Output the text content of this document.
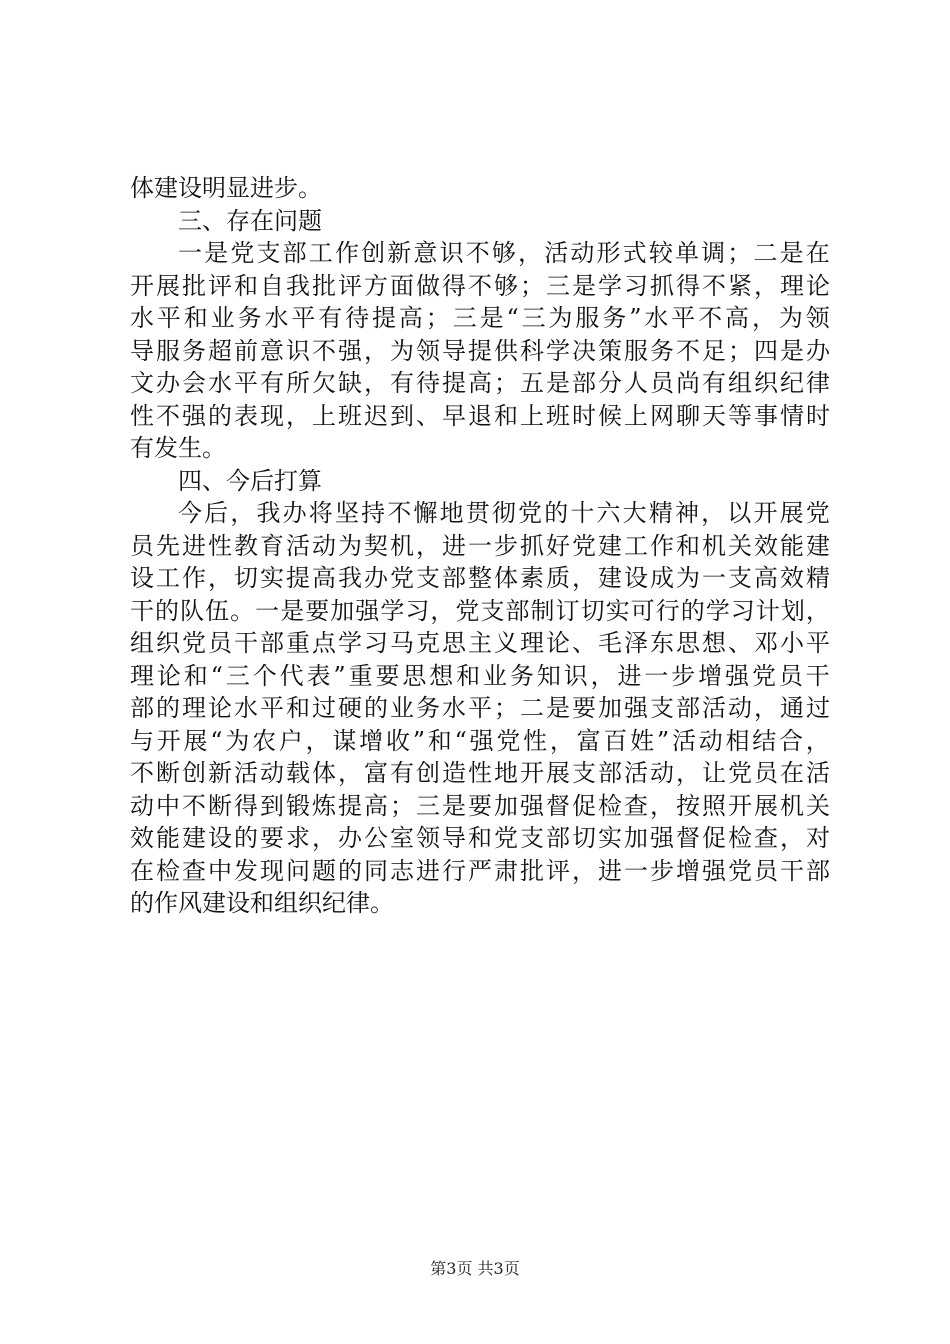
体建设明显进步。
三、存在问题
一 是 党 支 部 工 作 创 新 意 识 不 够 ， 活 动 形 式 较 单 调 ； 二 是 在
开 展 批 评 和 自 我 批 评 方 面 做 得 不 够 ； 三 是 学 习 抓 得 不 紧 ， 理 论
水 平 和 业 务 水 平 有 待 提 高 ； 三 是 “ 三 为 服 务 ” 水 平 不 高 ， 为 领
导 服 务 超 前 意 识 不 强 ， 为 领 导 提 供 科 学 决 策 服 务 不 足 ； 四 是 办
文 办 会 水 平 有 所 欠 缺 ， 有 待 提 高 ； 五 是 部 分 人 员 尚 有 组 织 纪 律
性 不 强 的 表 现 ， 上 班 迟 到 、 早 退 和 上 班 时 候 上 网 聊 天 等 事 情 时
有发生。
四、今后打算
今 后 ， 我 办 将 坚 持 不 懈 地 贯 彻 党 的 十 六 大 精 神 ， 以 开 展 党
员 先 进 性 教 育 活 动 为 契 机 ， 进 一 步 抓 好 党 建 工 作 和 机 关 效 能 建
设 工 作 ， 切 实 提 高 我 办 党 支 部 整 体 素 质 ， 建 设 成 为 一 支 高 效 精
干 的 队 伍 。 一 是 要 加 强 学 习 ， 党 支 部 制 订 切 实 可 行 的 学 习 计 划 ，
组 织 党 员 干 部 重 点 学 习 马 克 思 主 义 理 论 、 毛 泽 东 思 想 、 邓 小 平
理 论 和 “ 三 个 代 表 ” 重 要 思 想 和 业 务 知 识 ， 进 一 步 增 强 党 员 干
部 的 理 论 水 平 和 过 硬 的 业 务 水 平 ； 二 是 要 加 强 支 部 活 动 ， 通 过
与 开 展 “ 为 农 户 ， 谋 增 收 ” 和 “ 强 党 性 ， 富 百 姓 ” 活 动 相 结 合 ，
不 断 创 新 活 动 载 体 ， 富 有 创 造 性 地 开 展 支 部 活 动 ， 让 党 员 在 活
动 中 不 断 得 到 锻 炼 提 高 ； 三 是 要 加 强 督 促 检 查 ， 按 照 开 展 机 关
效 能 建 设 的 要 求 ， 办 公 室 领 导 和 党 支 部 切 实 加 强 督 促 检 查 ， 对
在 检 查 中 发 现 问 题 的 同 志 进 行 严 肃 批 评 ， 进 一 步 增 强 党 员 干 部
的作风建设和组织纪律。
第3页 共3页
